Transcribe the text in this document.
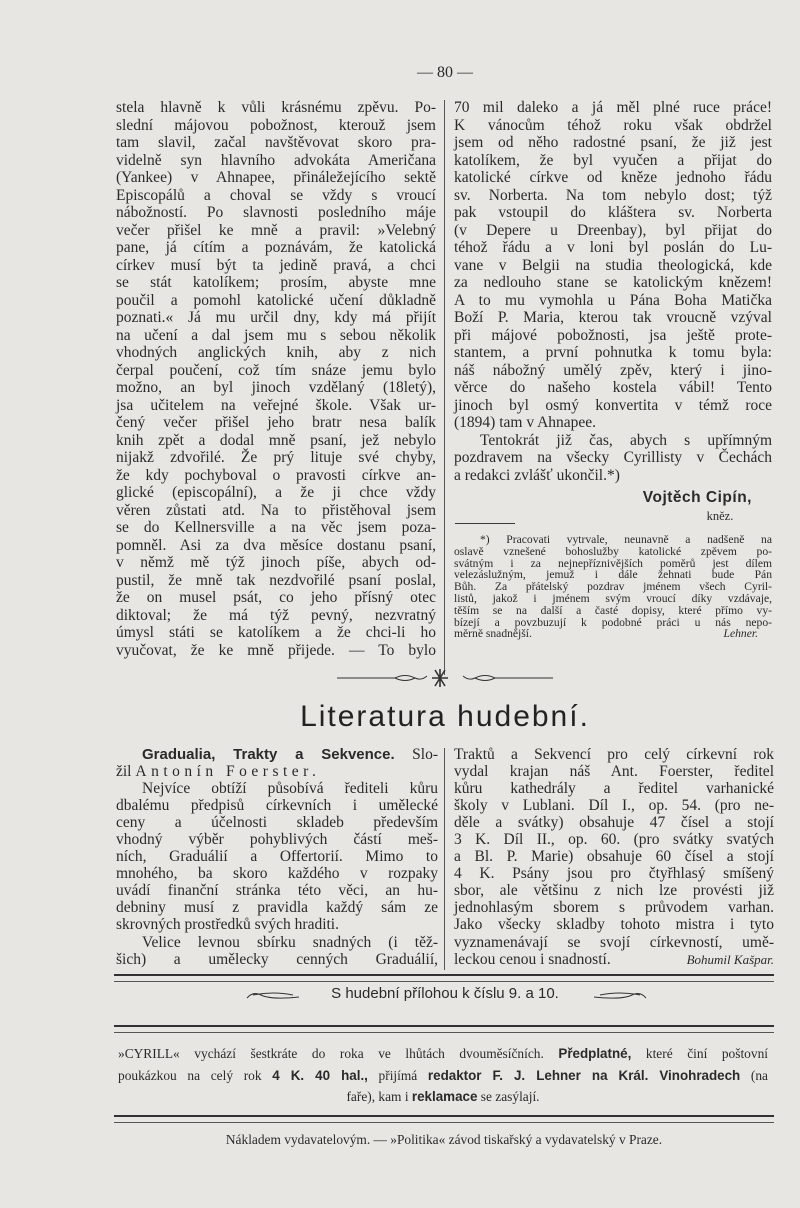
— 80 —
stela hlavně k vůli krásnému zpěvu. Po-
slední májovou pobožnost, kterouž jsem
tam slavil, začal navštěvovat skoro pra-
videlně syn hlavního advokáta Američana
(Yankee) v Ahnapee, přináležejícího sektě
Episcopálů a choval se vždy s vroucí
nábožností. Po slavnosti posledního máje
večer přišel ke mně a pravil: »Velebný
pane, já cítím a poznávám, že katolická
církev musí být ta jedině pravá, a chci
se stát katolíkem; prosím, abyste mne
poučil a pomohl katolické učení důkladně
poznati.« Já mu určil dny, kdy má přijít
na učení a dal jsem mu s sebou několik
vhodných anglických knih, aby z nich
čerpal poučení, což tím snáze jemu bylo
možno, an byl jinoch vzdělaný (18letý),
jsa učitelem na veřejné škole. Však ur-
čený večer přišel jeho bratr nesa balík
knih zpět a dodal mně psaní, jež nebylo
nijakž zdvořilé. Že prý lituje své chyby,
že kdy pochyboval o pravosti církve an-
glické (episcopální), a že ji chce vždy
věren zůstati atd. Na to přistěhoval jsem
se do Kellnersville a na věc jsem poza-
pomněl. Asi za dva měsíce dostanu psaní,
v němž mě týž jinoch píše, abych od-
pustil, že mně tak nezdvořilé psaní poslal,
že on musel psát, co jeho přísný otec
diktoval; že má týž pevný, nezvratný
úmysl státi se katolíkem a že chci-li ho
vyučovat, že ke mně přijede. — To bylo
70 mil daleko a já měl plné ruce práce!
K vánocům téhož roku však obdržel
jsem od něho radostné psaní, že již jest
katolíkem, že byl vyučen a přijat do
katolické církve od kněze jednoho řádu
sv. Norberta. Na tom nebylo dost; týž
pak vstoupil do kláštera sv. Norberta
(v Depere u Dreenbay), byl přijat do
téhož řádu a v loni byl poslán do Lu-
vane v Belgii na studia theologická, kde
za nedlouho stane se katolickým knězem!
A to mu vymohla u Pána Boha Matička
Boží P. Maria, kterou tak vroucně vzýval
při májové pobožnosti, jsa ještě prote-
stantem, a první pohnutka k tomu byla:
náš nábožný umělý zpěv, který i jino-
věrce do našeho kostela vábil! Tento
jinoch byl osmý konvertita v témž roce
(1894) tam v Ahnapee.
Tentokrát již čas, abych s upřímným
pozdravem na všecky Cyrillisty v Čechách
a redakci zvlášť ukončil.*)
Vojtěch Cipín,
kněz.
*) Pracovati vytrvale, neunavně a nadšeně na
oslavě vznešené bohoslužby katolické zpěvem po-
svátným i za nejnepříznivějších poměrů jest dílem
velezáslužným, jemuž i dále žehnati bude Pán
Bůh. Za přátelský pozdrav jménem všech Cyril-
listů, jakož i jménem svým vroucí díky vzdávaje,
těším se na další a časté dopisy, které přímo vy-
bízejí a povzbuzují k podobné práci u nás nepo-
měrně snadnější.	Lehner.
Literatura hudební.
Gradualia, Trakty a Sekvence. Slo-
žil Antonín Foerster.
Nejvíce obtíží působívá řediteli kůru
dbalému předpisů církevních i umělecké
ceny a účelnosti skladeb především
vhodný výběr pohyblivých částí meš-
ních, Graduálií a Offertorií. Mimo to
mnohého, ba skoro každého v rozpaky
uvádí finanční stránka této věci, an hu-
debniny musí z pravidla každý sám ze
skrovných prostředků svých hraditi.
Velice levnou sbírku snadných (i těž-
šich) a umělecky cenných Graduálií,
Traktů a Sekvencí pro celý církevní rok
vydal krajan náš Ant. Foerster, ředitel
kůru kathedrály a ředitel varhanické
školy v Lublani. Díl I., op. 54. (pro ne-
děle a svátky) obsahuje 47 čísel a stojí
3 K. Díl II., op. 60. (pro svátky svatých
a Bl. P. Marie) obsahuje 60 čísel a stojí
4 K. Psány jsou pro čtyřhlasý smíšený
sbor, ale většinu z nich lze provésti již
jednohlasým sborem s průvodem varhan.
Jako všecky skladby tohoto mistra i tyto
vyznamenávají se svojí církevností, umě-
leckou cenou i snadností.	Bohumil Kašpar.
S hudební přílohou k číslu 9. a 10.
»CYRILL« vychází šestkráte do roka ve lhůtách dvouměsíčních. Předplatné, které činí poštovní
poukázkou na celý rok 4 K. 40 hal., přijímá redaktor F. J. Lehner na Král. Vinohradech (na
faře), kam i reklamace se zasýlají.
Nákladem vydavatelovým. — »Politika« závod tiskařský a vydavatelský v Praze.
